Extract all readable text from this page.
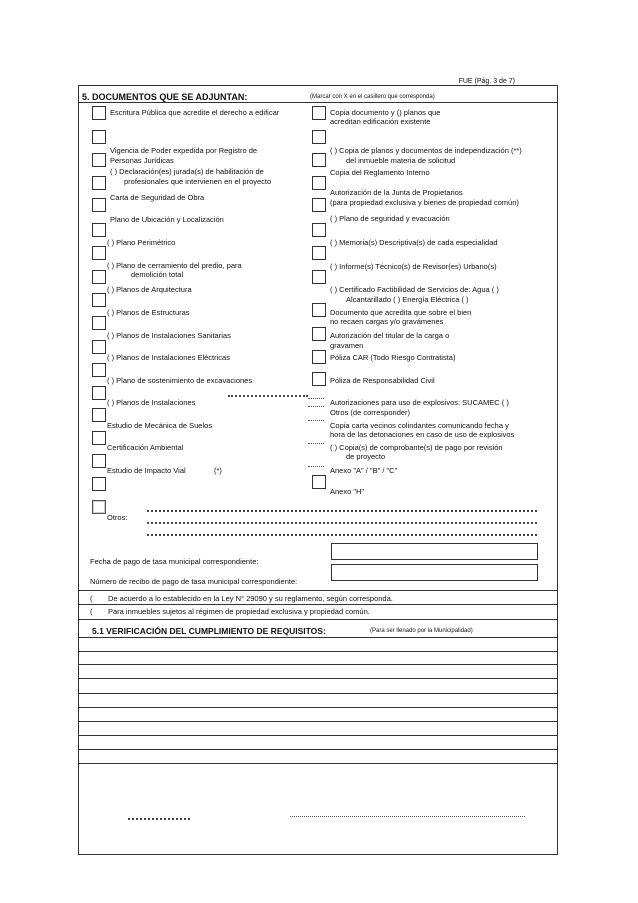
FUE (Pág. 3 de 7)
5. DOCUMENTOS QUE SE ADJUNTAN:	(Marcar con X en el casillero que corresponda)
Escritura Pública que acredite el derecho a edificar
Vigencia de Poder expedida por Registro de
Personas Jurídicas
( ) Declaración(es) jurada(s) de habilitación de
profesionales que intervienen en el proyecto
Carta de Seguridad de Obra
Plano de Ubicación y Localización
( ) Plano Perimétrico
( ) Plano de cerramiento del predio, para
demolición total
( ) Planos de Arquitectura
( ) Planos de Estructuras
( ) Planos de Instalaciones Sanitarias
( ) Planos de Instalaciones Eléctricas
( ) Plano de sostenimiento de excavaciones
( ) Planos de Instalaciones
Estudio de Mecánica de Suelos
Certificación Ambiental
Estudio de Impacto Vial	(*)
Otros:
Copia documento y () planos que
acreditan edificación existente
( ) Copia de planos y documentos de independización (**)
del inmueble materia de solicitud
Copia del Reglamento Interno
Autorización de la Junta de Propietarios
(para propiedad exclusiva y bienes de propiedad común)
( ) Plano de seguridad y evacuación
( ) Memoria(s) Descriptiva(s) de cada especialidad
( ) Informe(s) Técnico(s) de Revisor(es) Urbano(s)
( ) Certificado Factibilidad de Servicios de: Agua ( )
Alcantarillado ( ) Energía Eléctrica ( )
Documento que acredita que sobre el bien
no recaen cargas y/o gravámenes
Autorización del titular de la carga o
gravamen
Póliza CAR (Todo Riesgo Contratista)
Póliza de Responsabilidad Civil
Autorizaciones para uso de explosivos: SUCAMEC ( )
Otros (de corresponder)
Copia carta vecinos colindantes comunicando fecha y
hora de las detonaciones en caso de uso de explosivos
( ) Copia(s) de comprobante(s) de pago por revisión
de proyecto
Anexo "A" / "B" / "C"
Anexo "H"
Fecha de pago de tasa municipal correspondiente:
Número de recibo de pago de tasa municipal correspondiente:
( De acuerdo a lo establecido en la Ley N° 29090 y su reglamento, según corresponda.
( Para inmuebles sujetos al régimen de propiedad exclusiva y propiedad común.
5.1 VERIFICACIÓN DEL CUMPLIMIENTO DE REQUISITOS:	(Para ser llenado por la Municipalidad)
